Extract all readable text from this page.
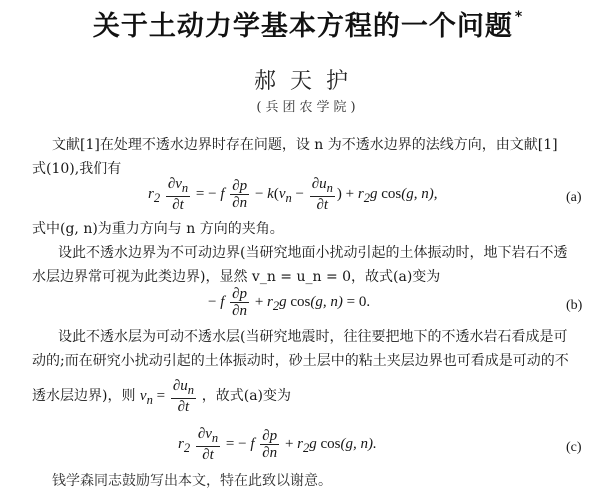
关于土动力学基本方程的一个问题 *
郝天护
(兵团农学院)
文献[1]在处理不透水边界时存在问题，设 n 为不透水边界的法线方向，由文献[1]
式(10),我们有
$r_2 \frac{\partial v_n}{\partial t}$ = − f $\frac{\partial p}{\partial n} - k(v_n - \frac{\partial u_n}{\partial t}$ ) + $r_2g$ cos(g, n),	(a)
式中(g, n)为重力方向与 n 方向的夹角。
设此不透水边界为不可动边界(当研究地面小扰动引起的土体振动时，地下岩石不透
水层边界常可视为此类边界)，显然 v_n = u_n = 0，故式(a)变为
− f $\frac{\partial p}{\partial n} + r_2g$ cos(g, n) = 0.	(b)
设此不透水层为可动不透水层(当研究地震时，往往要把地下的不透水岩石看成是可
动的;而在研究小扰动引起的土体振动时，砂土层中的粘土夹层边界也可看成是可动的不
透水层边界)，则 $v_n = \frac{\partial u_n}{\partial t}$ ，故式(a)变为
$r_2 \frac{\partial v_n}{\partial t}$ = − f $\frac{\partial p}{\partial n} + r_2g$ cos(g, n).	(c)
钱学森同志鼓励写出本文，特在此致以谢意。
